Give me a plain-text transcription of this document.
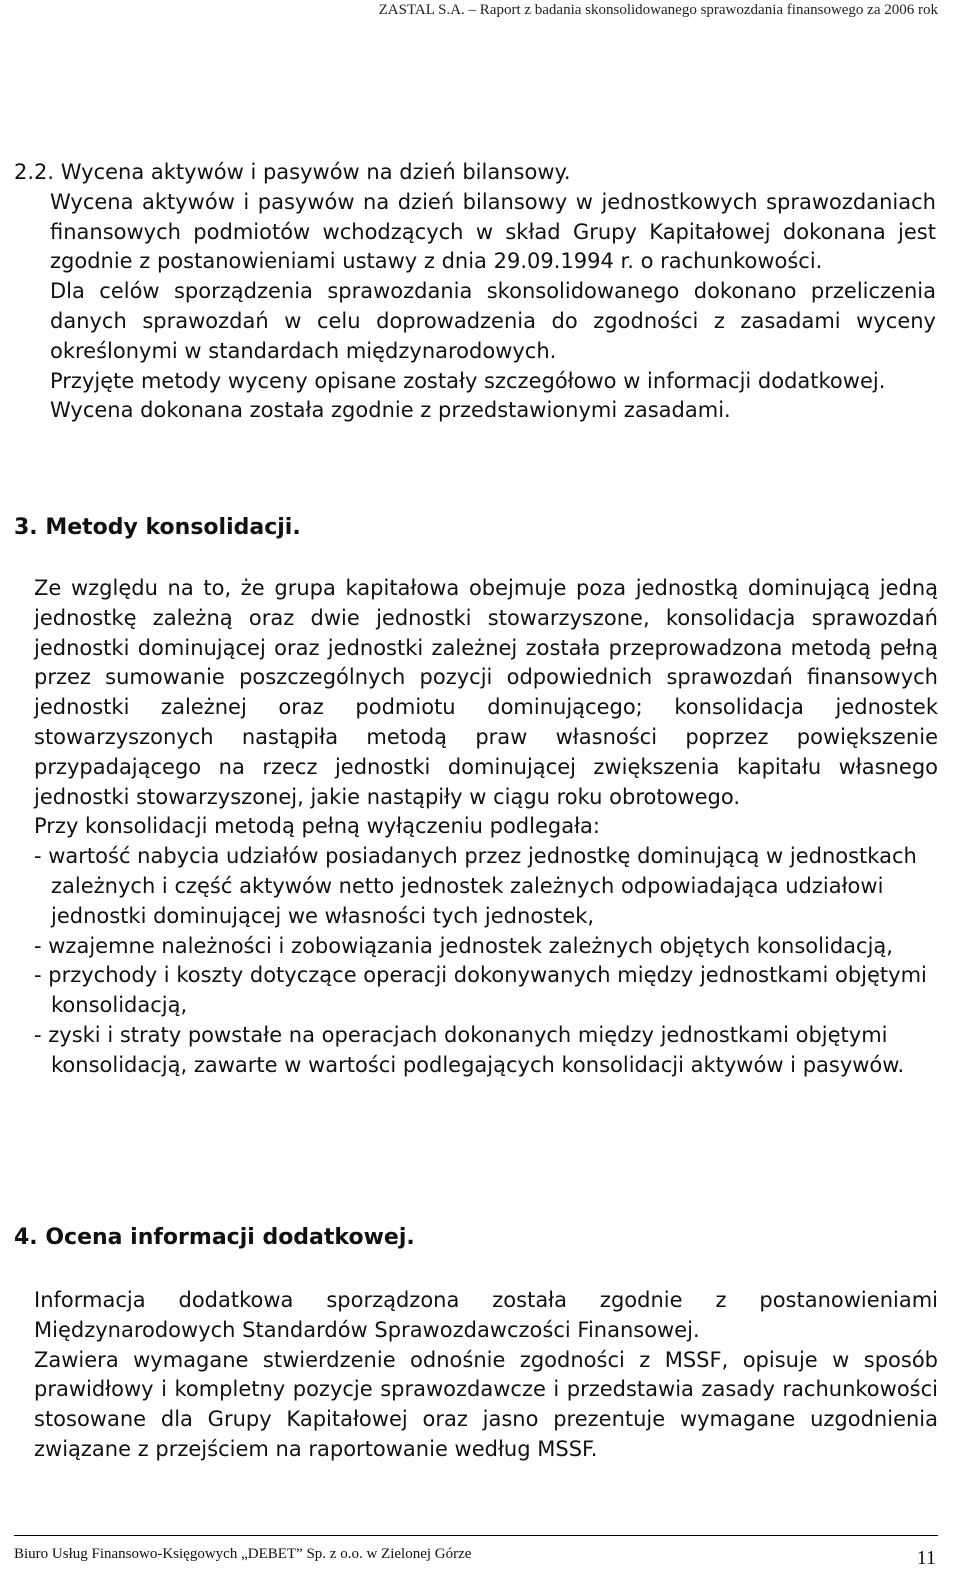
ZASTAL S.A. – Raport z badania skonsolidowanego sprawozdania finansowego za 2006 rok

2.2. Wycena aktywów i pasywów na dzień bilansowy.

Wycena aktywów i pasywów na dzień bilansowy w jednostkowych sprawozdaniach finansowych podmiotów wchodzących w skład Grupy Kapitałowej dokonana jest zgodnie z postanowieniami ustawy z dnia 29.09.1994 r. o rachunkowości.

Dla celów sporządzenia sprawozdania skonsolidowanego dokonano przeliczenia danych sprawozdań w celu doprowadzenia do zgodności z zasadami wyceny określonymi w standardach międzynarodowych.

Przyjęte metody wyceny opisane zostały szczegółowo w informacji dodatkowej.

Wycena dokonana została zgodnie z przedstawionymi zasadami.

3. Metody konsolidacji.

Ze względu na to, że grupa kapitałowa obejmuje poza jednostką dominującą jedną jednostkę zależną oraz dwie jednostki stowarzyszone, konsolidacja sprawozdań jednostki dominującej oraz jednostki zależnej została przeprowadzona metodą pełną przez sumowanie poszczególnych pozycji odpowiednich sprawozdań finansowych jednostki zależnej oraz podmiotu dominującego; konsolidacja jednostek stowarzyszonych nastąpiła metodą praw własności poprzez powiększenie przypadającego na rzecz jednostki dominującej zwiększenia kapitału własnego jednostki stowarzyszonej, jakie nastąpiły w ciągu roku obrotowego.

Przy konsolidacji metodą pełną wyłączeniu podlegała:

- wartość nabycia udziałów posiadanych przez jednostkę dominującą w jednostkach zależnych i część aktywów netto jednostek zależnych odpowiadająca udziałowi jednostki dominującej we własności tych jednostek,
- wzajemne należności i zobowiązania jednostek zależnych objętych konsolidacją,
- przychody i koszty dotyczące operacji dokonywanych między jednostkami objętymi konsolidacją,
- zyski i straty powstałe na operacjach dokonanych między jednostkami objętymi konsolidacją, zawarte w wartości podlegających konsolidacji aktywów i pasywów.
4. Ocena informacji dodatkowej.

Informacja dodatkowa sporządzona została zgodnie z postanowieniami Międzynarodowych Standardów Sprawozdawczości Finansowej.

Zawiera wymagane stwierdzenie odnośnie zgodności z MSSF, opisuje w sposób prawidłowy i kompletny pozycje sprawozdawcze i przedstawia zasady rachunkowości stosowane dla Grupy Kapitałowej oraz jasno prezentuje wymagane uzgodnienia związane z przejściem na raportowanie według MSSF.

Biuro Usług Finansowo-Księgowych „DEBET” Sp. z o.o. w Zielonej Górze	11
